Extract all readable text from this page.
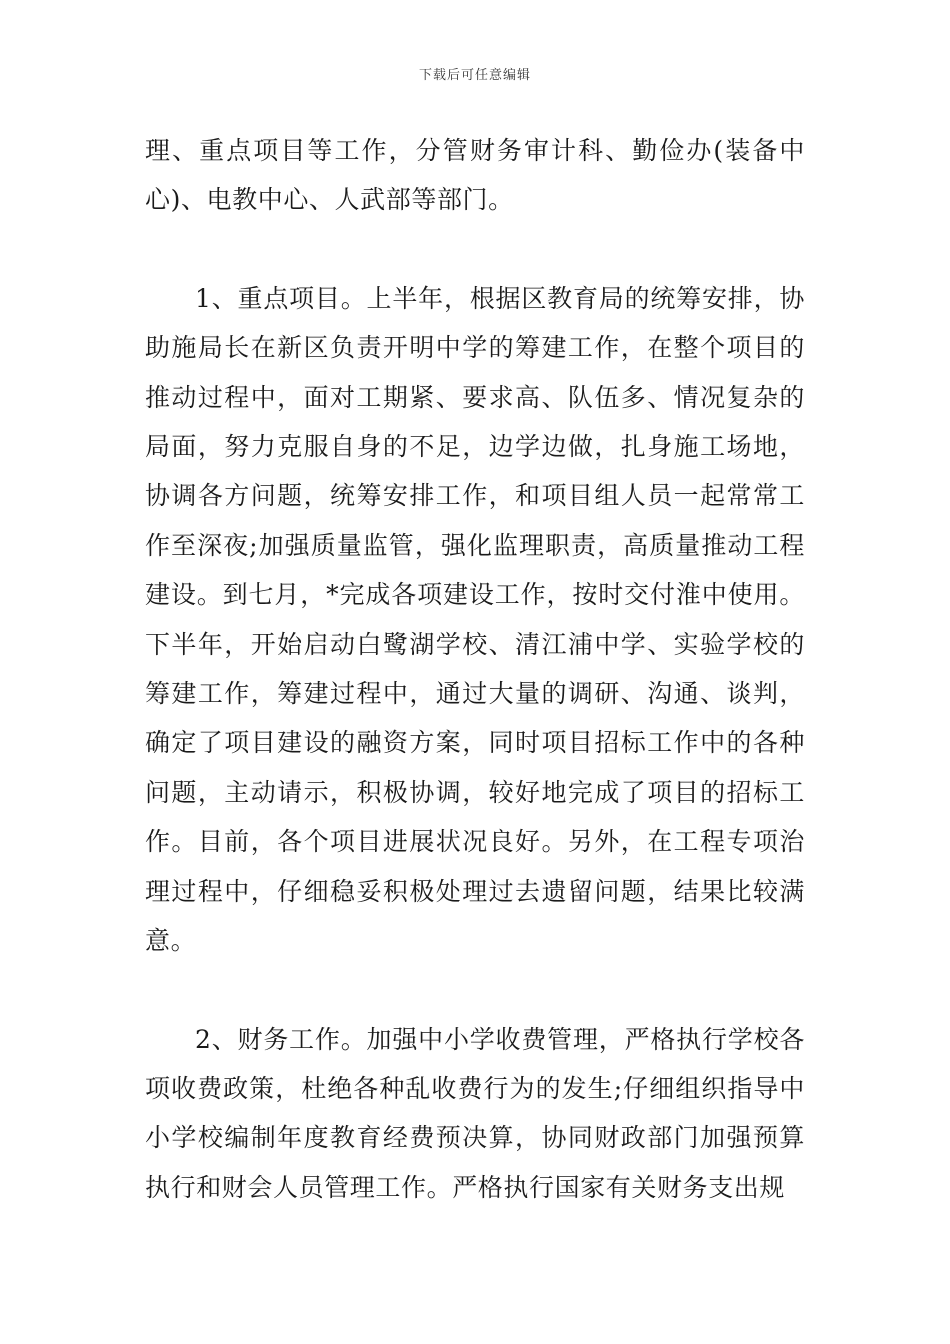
下载后可任意编辑

理、重点项目等工作，分管财务审计科、勤俭办(装备中心)、电教中心、人武部等部门。

1、重点项目。上半年，根据区教育局的统筹安排，协助施局长在新区负责开明中学的筹建工作，在整个项目的推动过程中，面对工期紧、要求高、队伍多、情况复杂的局面，努力克服自身的不足，边学边做，扎身施工场地，协调各方问题，统筹安排工作，和项目组人员一起常常工作至深夜;加强质量监管，强化监理职责，高质量推动工程建设。到七月，*完成各项建设工作，按时交付淮中使用。下半年，开始启动白鹭湖学校、清江浦中学、实验学校的筹建工作，筹建过程中，通过大量的调研、沟通、谈判，确定了项目建设的融资方案，同时项目招标工作中的各种问题，主动请示，积极协调，较好地完成了项目的招标工作。目前，各个项目进展状况良好。另外，在工程专项治理过程中，仔细稳妥积极处理过去遗留问题，结果比较满意。

2、财务工作。加强中小学收费管理，严格执行学校各项收费政策，杜绝各种乱收费行为的发生;仔细组织指导中小学校编制年度教育经费预决算，协同财政部门加强预算执行和财会人员管理工作。严格执行国家有关财务支出规
